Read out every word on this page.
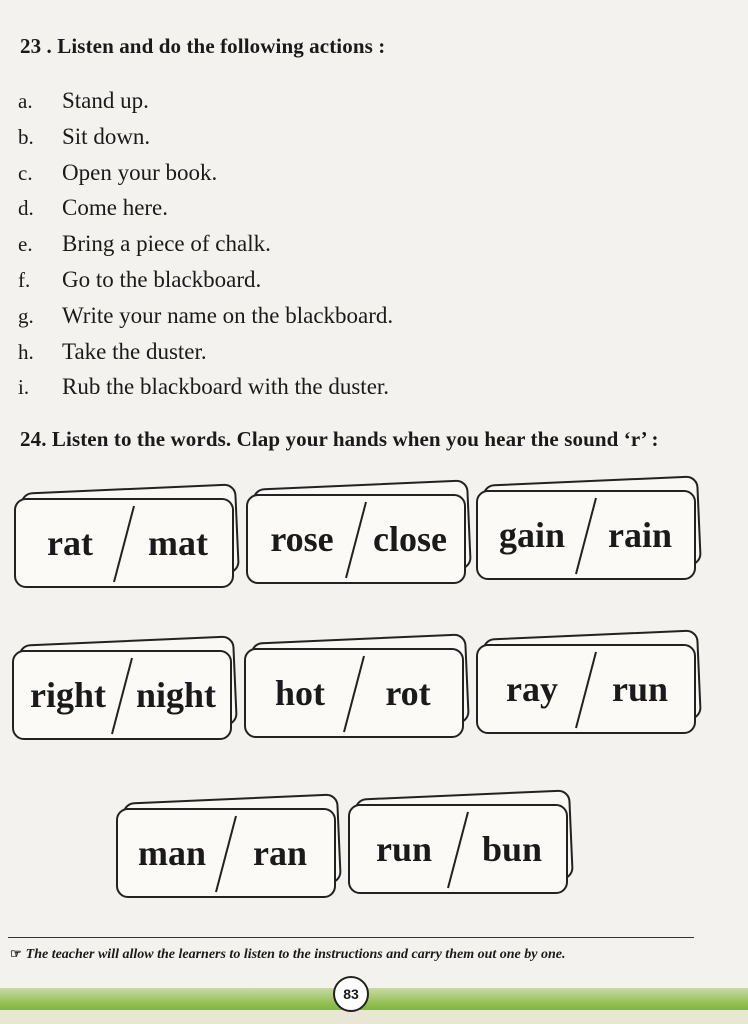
23 . Listen and do the following actions :
a.	Stand up.
b.	Sit down.
c.	Open your book.
d.	Come here.
e.	Bring a piece of chalk.
f.	Go to the blackboard.
g.	Write your name on the blackboard.
h.	Take the duster.
i.	Rub the blackboard with the duster.
24. Listen to the words. Clap your hands when you hear the sound ‘r’ :
rat	mat	rose	close	gain	rain
right night	hot	rot	ray	run
man	ran	run	bun
☞ The teacher will allow the learners to listen to the instructions and carry them out one by one.
83
